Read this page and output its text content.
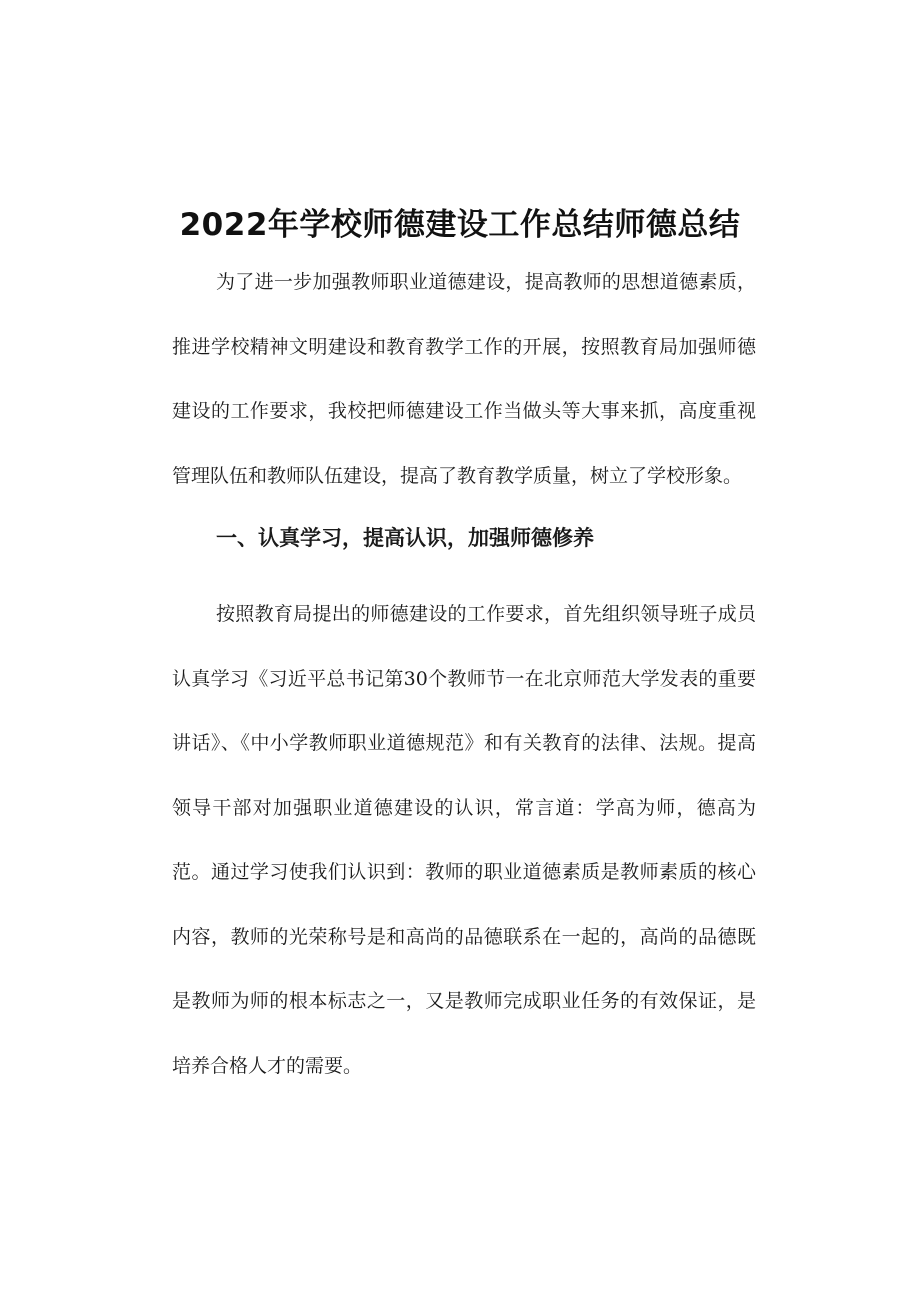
2022年学校师德建设工作总结师德总结

为了进一步加强教师职业道德建设，提高教师的思想道德素质，推进学校精神文明建设和教育教学工作的开展，按照教育局加强师德建设的工作要求，我校把师德建设工作当做头等大事来抓，高度重视管理队伍和教师队伍建设，提高了教育教学质量，树立了学校形象。

一、认真学习，提高认识，加强师德修养

按照教育局提出的师德建设的工作要求，首先组织领导班子成员认真学习《习近平总书记第30个教师节一在北京师范大学发表的重要讲话》、《中小学教师职业道德规范》和有关教育的法律、法规。提高领导干部对加强职业道德建设的认识，常言道：学高为师，德高为范。通过学习使我们认识到：教师的职业道德素质是教师素质的核心内容，教师的光荣称号是和高尚的品德联系在一起的，高尚的品德既是教师为师的根本标志之一，又是教师完成职业任务的有效保证，是培养合格人才的需要。
